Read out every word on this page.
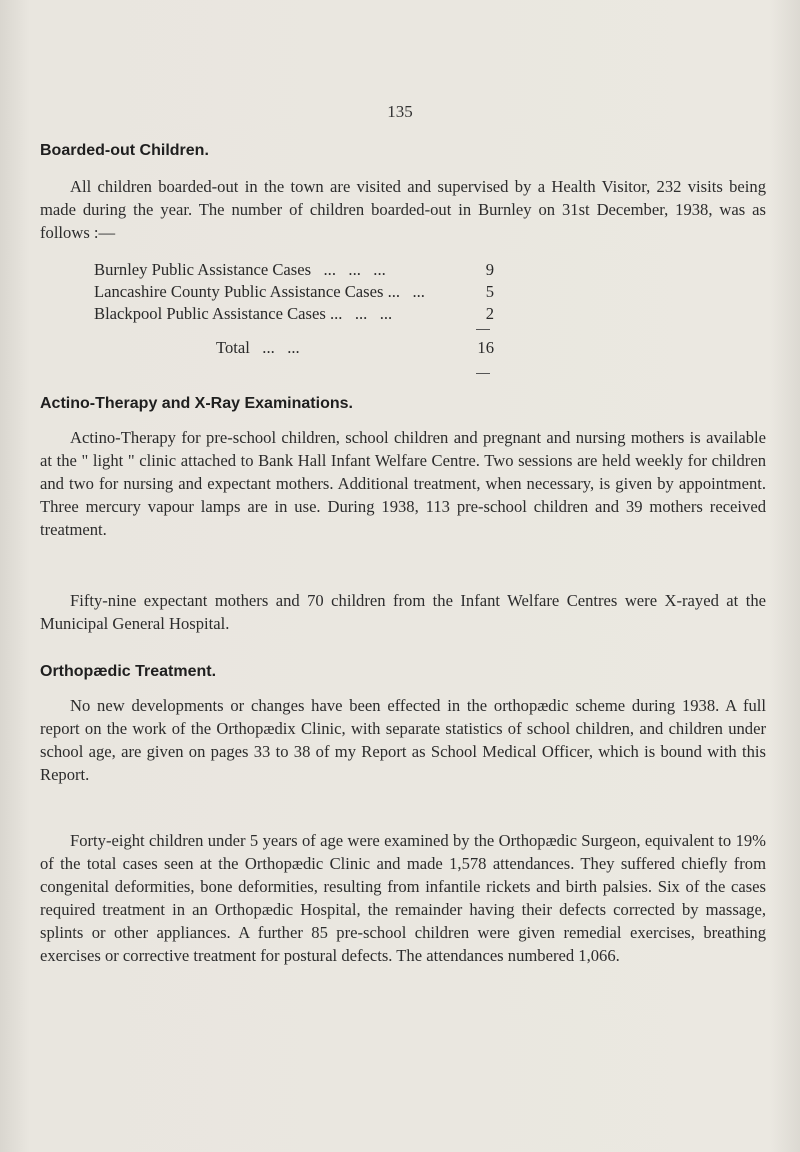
135
Boarded-out Children.

All children boarded-out in the town are visited and supervised by a Health Visitor, 232 visits being made during the year. The number of children boarded-out in Burnley on 31st December, 1938, was as follows :—

Burnley Public Assistance Cases   ...   ...   ...	9
Lancashire County Public Assistance Cases ...   ...	5
Blackpool Public Assistance Cases ...   ...   ...	2
Total   ...   ...	16
Actino-Therapy and X-Ray Examinations.

Actino-Therapy for pre-school children, school children and pregnant and nursing mothers is available at the " light " clinic attached to Bank Hall Infant Welfare Centre. Two sessions are held weekly for children and two for nursing and expectant mothers. Additional treatment, when necessary, is given by appointment. Three mercury vapour lamps are in use. During 1938, 113 pre-school children and 39 mothers received treatment.

Fifty-nine expectant mothers and 70 children from the Infant Welfare Centres were X-rayed at the Municipal General Hospital.

Orthopædic Treatment.

No new developments or changes have been effected in the orthopædic scheme during 1938. A full report on the work of the Orthopædix Clinic, with separate statistics of school children, and children under school age, are given on pages 33 to 38 of my Report as School Medical Officer, which is bound with this Report.

Forty-eight children under 5 years of age were examined by the Orthopædic Surgeon, equivalent to 19% of the total cases seen at the Orthopædic Clinic and made 1,578 attendances. They suffered chiefly from congenital deformities, bone deformities, resulting from infantile rickets and birth palsies. Six of the cases required treatment in an Orthopædic Hospital, the remainder having their defects corrected by massage, splints or other appliances. A further 85 pre-school children were given remedial exercises, breathing exercises or corrective treatment for postural defects. The attendances numbered 1,066.
